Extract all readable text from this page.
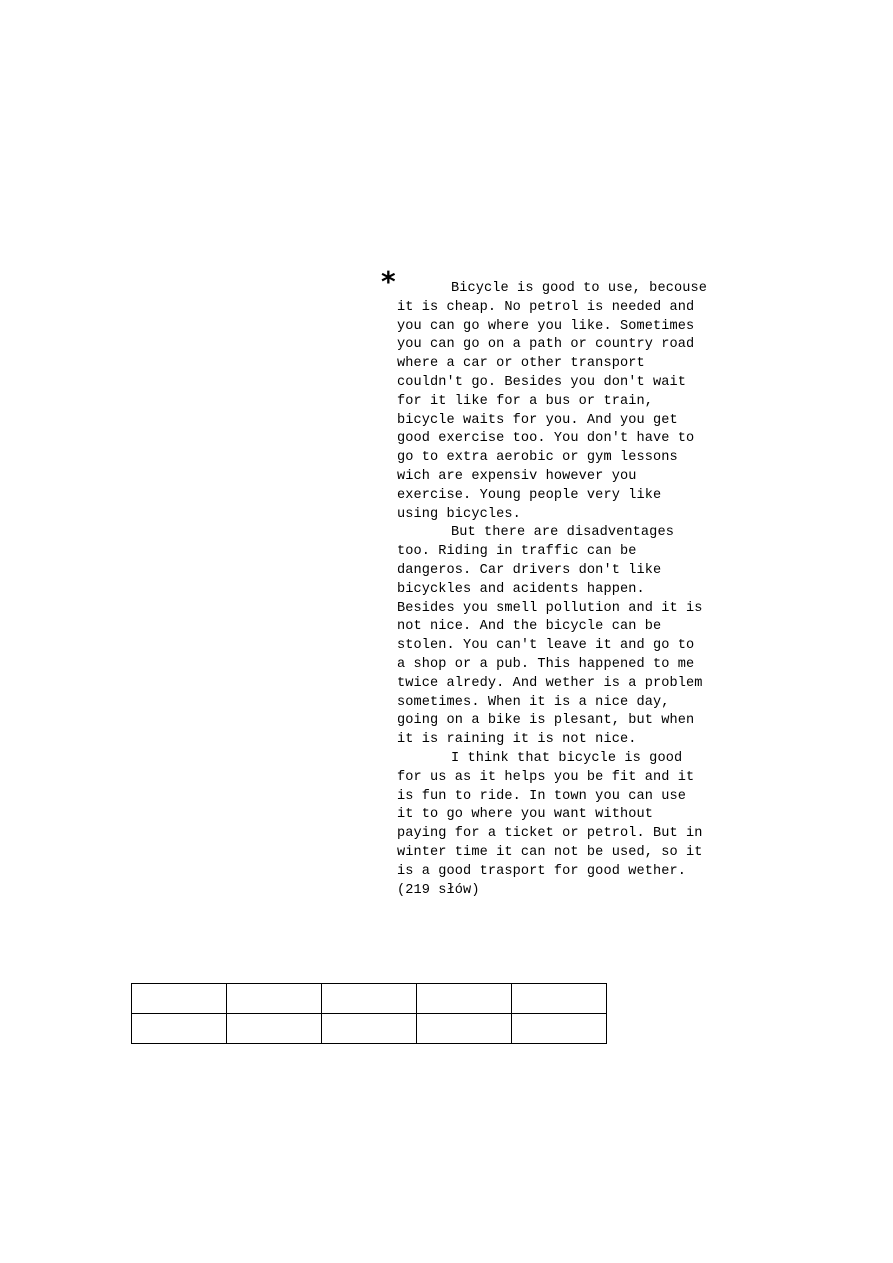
*	Bicycle is good to use, becouse
it is cheap. No petrol is needed and
you can go where you like. Sometimes
you can go on a path or country road
where a car or other transport
couldn't go. Besides you don't wait
for it like for a bus or train,
bicycle waits for you. And you get
good exercise too. You don't have to
go to extra aerobic or gym lessons
wich are expensiv however you
exercise. Young people very like
using bicycles.
But there are disadventages
too. Riding in traffic can be
dangeros. Car drivers don't like
bicyckles and acidents happen.
Besides you smell pollution and it is
not nice. And the bicycle can be
stolen. You can't leave it and go to
a shop or a pub. This happened to me
twice alredy. And wether is a problem
sometimes. When it is a nice day,
going on a bike is plesant, but when
it is raining it is not nice.
I think that bicycle is good
for us as it helps you be fit and it
is fun to ride. In town you can use
it to go where you want without
paying for a ticket or petrol. But in
winter time it can not be used, so it
is a good trasport for good wether.
(219 słów)
